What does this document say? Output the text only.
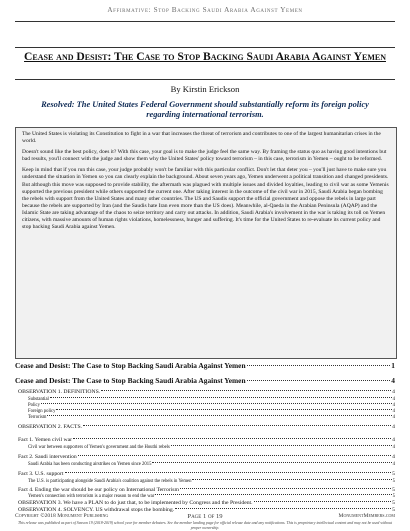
Affirmative: Stop Backing Saudi Arabia Against Yemen
Cease and Desist: The Case to Stop Backing Saudi Arabia Against Yemen
By Kirstin Erickson
Resolved: The United States Federal Government should substantially reform its foreign policy regarding international terrorism.

The United States is violating its Constitution to fight in a war that increases the threat of terrorism and contributes to one of the largest humanitarian crises in the world.

Doesn't sound like the best policy, does it? With this case, your goal is to make the judge feel the same way. By framing the status quo as having good intentions but bad results, you'll connect with the judge and show them why the United States' policy toward terrorism – in this case, terrorism in Yemen – ought to be reformed.

Keep in mind that if you run this case, your judge probably won't be familiar with this particular conflict. Don't let that deter you – you'll just have to make sure you understand the situation in Yemen so you can clearly explain the background. About seven years ago, Yemen underwent a political transition and changed presidents. But although this move was supposed to provide stability, the aftermath was plagued with multiple issues and divided loyalties, leading to civil war as some Yemenis supported the previous president while others supported the current one. After taking interest in the outcome of the civil war in 2015, Saudi Arabia began bombing the rebels with support from the United States and many other countries. The US and Saudis support the official government and oppose the rebels in large part because the rebels are supported by Iran (and the Saudis hate Iran even more than the US does). Meanwhile, al-Qaeda in the Arabian Peninsula (AQAP) and the Islamic State are taking advantage of the chaos to seize territory and carry out attacks. In addition, Saudi Arabia's involvement in the war is taking its toll on Yemen citizens, with massive amounts of human rights violations, homelessness, hunger and suffering. It's time for the United States to re-evaluate its current policy and stop backing Saudi Arabia against Yemen.

Cease and Desist: The Case to Stop Backing Saudi Arabia Against Yemen	1
Cease and Desist: The Case to Stop Backing Saudi Arabia Against Yemen	4
OBSERVATION 1. DEFINITIONS.	4
Substantial	4
Policy	4
Foreign policy	4
Terrorism	4
OBSERVATION 2. FACTS.	4
Fact 1. Yemen civil war	4
Civil war between supporters of Yemen's government and the Houthi rebels	4
Fact 2. Saudi intervention	4
Saudi Arabia has been conducting airstrikes on Yemen since 2015	4
Fact 3. U.S. support	5
The U.S. is participating alongside Saudi Arabia's coalition against the rebels in Yemen	5
Fact 4. Ending the war should be our policy on International Terrorism	5
Yemen's connection with terrorism is a major reason to end the war	5
OBSERVATION 3. We have a PLAN to do just that, to be implemented by Congress and the President.	5
OBSERVATION 4. SOLVENCY. US withdrawal stops the bombing.	5
Copyright ©2018 Monument Publishing	Page 1 of 19	MonumentMembers.com
This release was published as part of Season 19 (2018-2019) school year for member debaters. See the member landing page for official release date and any notifications. This is proprietary intellectual content and may not be used without proper ownership.
